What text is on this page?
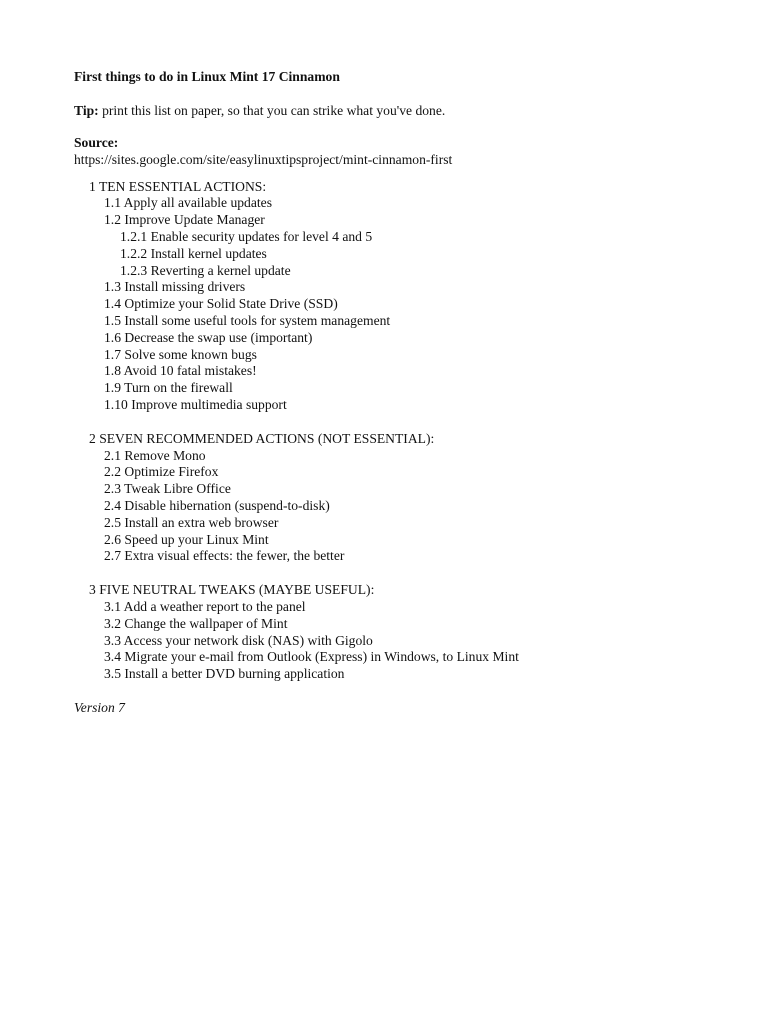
First things to do in Linux Mint 17 Cinnamon
Tip: print this list on paper, so that you can strike what you've done.
Source:
https://sites.google.com/site/easylinuxtipsproject/mint-cinnamon-first
1 TEN ESSENTIAL ACTIONS:
1.1 Apply all available updates
1.2 Improve Update Manager
1.2.1 Enable security updates for level 4 and 5
1.2.2 Install kernel updates
1.2.3 Reverting a kernel update
1.3 Install missing drivers
1.4 Optimize your Solid State Drive (SSD)
1.5 Install some useful tools for system management
1.6 Decrease the swap use (important)
1.7 Solve some known bugs
1.8 Avoid 10 fatal mistakes!
1.9 Turn on the firewall
1.10 Improve multimedia support
2 SEVEN RECOMMENDED ACTIONS (NOT ESSENTIAL):
2.1 Remove Mono
2.2 Optimize Firefox
2.3 Tweak Libre Office
2.4 Disable hibernation (suspend-to-disk)
2.5 Install an extra web browser
2.6 Speed up your Linux Mint
2.7 Extra visual effects: the fewer, the better
3 FIVE NEUTRAL TWEAKS (MAYBE USEFUL):
3.1 Add a weather report to the panel
3.2 Change the wallpaper of Mint
3.3 Access your network disk (NAS) with Gigolo
3.4 Migrate your e-mail from Outlook (Express) in Windows, to Linux Mint
3.5 Install a better DVD burning application
Version 7
